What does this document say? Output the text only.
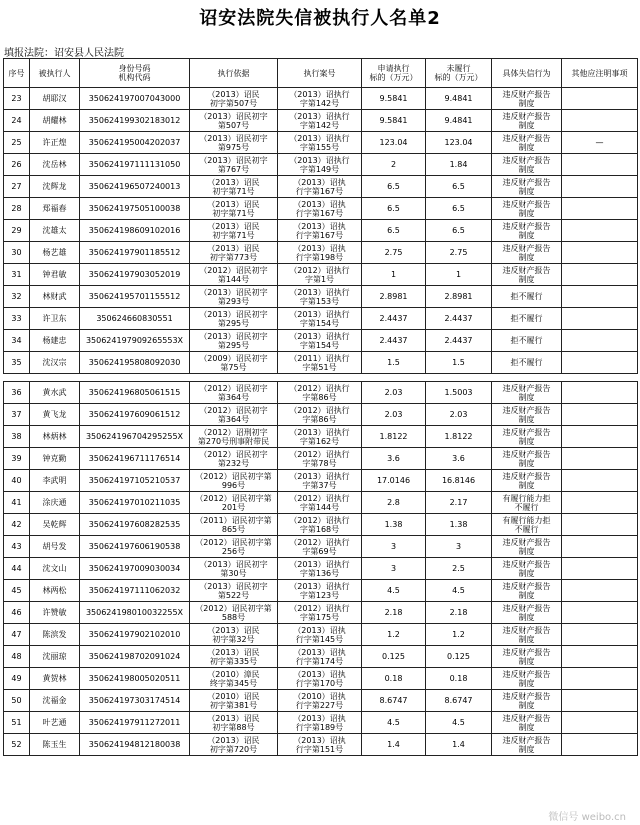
诏安法院失信被执行人名单2
填报法院：诏安县人民法院
序号	被执行人	身份号码
机构代码	执行依据	执行案号	申请执行
标的（万元）	未履行
标的（万元）	具体失信行为	其他应注明事项
23	胡耶汉	350624197007043000	（2013）诏民
初字第507号	（2013）诏执行
字第142号	9.5841	9.4841	违反财产报告
制度	
24	胡耀林	350624199302183012	（2013）诏民初字
第507号	（2013）诏执行
字第142号	9.5841	9.4841	违反财产报告
制度	
25	许正煌	350624195004202037	（2013）诏民初字
第975号	（2013）诏执行
字第155号	123.04	123.04	违反财产报告
制度	—
26	沈岳林	350624197111131050	（2013）诏民初字
第767号	（2013）诏执行
字第149号	2	1.84	违反财产报告
制度	
27	沈辉龙	350624196507240013	（2013）诏民
初字第71号	（2013）诏执
行字第167号	6.5	6.5	违反财产报告
制度	
28	郑福春	350624197505100038	（2013）诏民
初字第71号	（2013）诏执
行字第167号	6.5	6.5	违反财产报告
制度	
29	沈雄太	350624198609102016	（2013）诏民
初字第71号	（2013）诏执
行字第167号	6.5	6.5	违反财产报告
制度	
30	杨艺雄	350624197901185512	（2013）诏民
初字第773号	（2013）诏执
行字第198号	2.75	2.75	违反财产报告
制度	
31	钟君敏	350624197903052019	（2012）诏民初字
第144号	（2012）诏执行
字第1号	1	1	违反财产报告
制度	
32	林财武	350624195701155512	（2013）诏民初字
第293号	（2013）诏执行
字第153号	2.8981	2.8981	拒不履行	
33	许卫东	350624660830551	（2013）诏民初字
第295号	（2013）诏执行
字第154号	2.4437	2.4437	拒不履行	
34	杨建忠	350624197909265553X	（2013）诏民初字
第295号	（2013）诏执行
字第154号	2.4437	2.4437	拒不履行	
35	沈汉宗	350624195808092030	（2009）诏民初字
第75号	（2011）诏执行
字第51号	1.5	1.5	拒不履行	

36	黄水武	350624196805061515	（2012）诏民初字
第364号	（2012）诏执行
字第86号	2.03	1.5003	违反财产报告
制度	
37	黄飞龙	350624197609061512	（2012）诏民初字
第364号	（2012）诏执行
字第86号	2.03	2.03	违反财产报告
制度	
38	林炳林	350624196704295255X	（2012）诏刑初字
第270号刑事附带民	（2013）诏执行
字第162号	1.8122	1.8122	违反财产报告
制度	
39	钟克勤	350624196711176514	（2012）诏民初字
第232号	（2012）诏执行
字第78号	3.6	3.6	违反财产报告
制度	
40	李武明	350624197105210537	（2012）诏民初字第
996号	（2013）诏执行
字第37号	17.0146	16.8146	违反财产报告
制度	
41	涂庆通	350624197010211035	（2012）诏民初字第
201号	（2012）诏执行
字第144号	2.8	2.17	有履行能力拒
不履行	
42	吴乾辉	350624197608282535	（2011）诏民初字第
865号	（2012）诏执行
字第168号	1.38	1.38	有履行能力拒
不履行	
43	胡号发	350624197606190538	（2012）诏民初字第
256号	（2012）诏执行
字第69号	3	3	违反财产报告
制度	
44	沈文山	350624197009030034	（2013）诏民初字
第30号	（2013）诏执行
字第136号	3	2.5	违反财产报告
制度	
45	林两松	350624197111062032	（2013）诏民初字
第522号	（2013）诏执行
字第123号	4.5	4.5	违反财产报告
制度	
46	许赞敏	350624198010032255X	（2012）诏民初字第
588号	（2012）诏执行
字第175号	2.18	2.18	违反财产报告
制度	
47	陈滨发	350624197902102010	（2013）诏民
初字第32号	（2013）诏执
行字第145号	1.2	1.2	违反财产报告
制度	
48	沈丽琼	350624198702091024	（2013）诏民
初字第335号	（2013）诏执
行字第174号	0.125	0.125	违反财产报告
制度	
49	黄贺林	350624198005020511	（2010）漳民
终字第345号	（2013）诏执
行字第170号	0.18	0.18	违反财产报告
制度	
50	沈福金	350624197303174514	（2010）诏民
初字第381号	（2010）诏执
行字第227号	8.6747	8.6747	违反财产报告
制度	
51	叶艺通	350624197911272011	（2013）诏民
初字第88号	（2013）诏执
行字第189号	4.5	4.5	违反财产报告
制度	
52	陈玉生	350624194812180038	（2013）诏民
初字第720号	（2013）诏执
行字第151号	1.4	1.4	违反财产报告
制度	
微信号 weibo.cn
